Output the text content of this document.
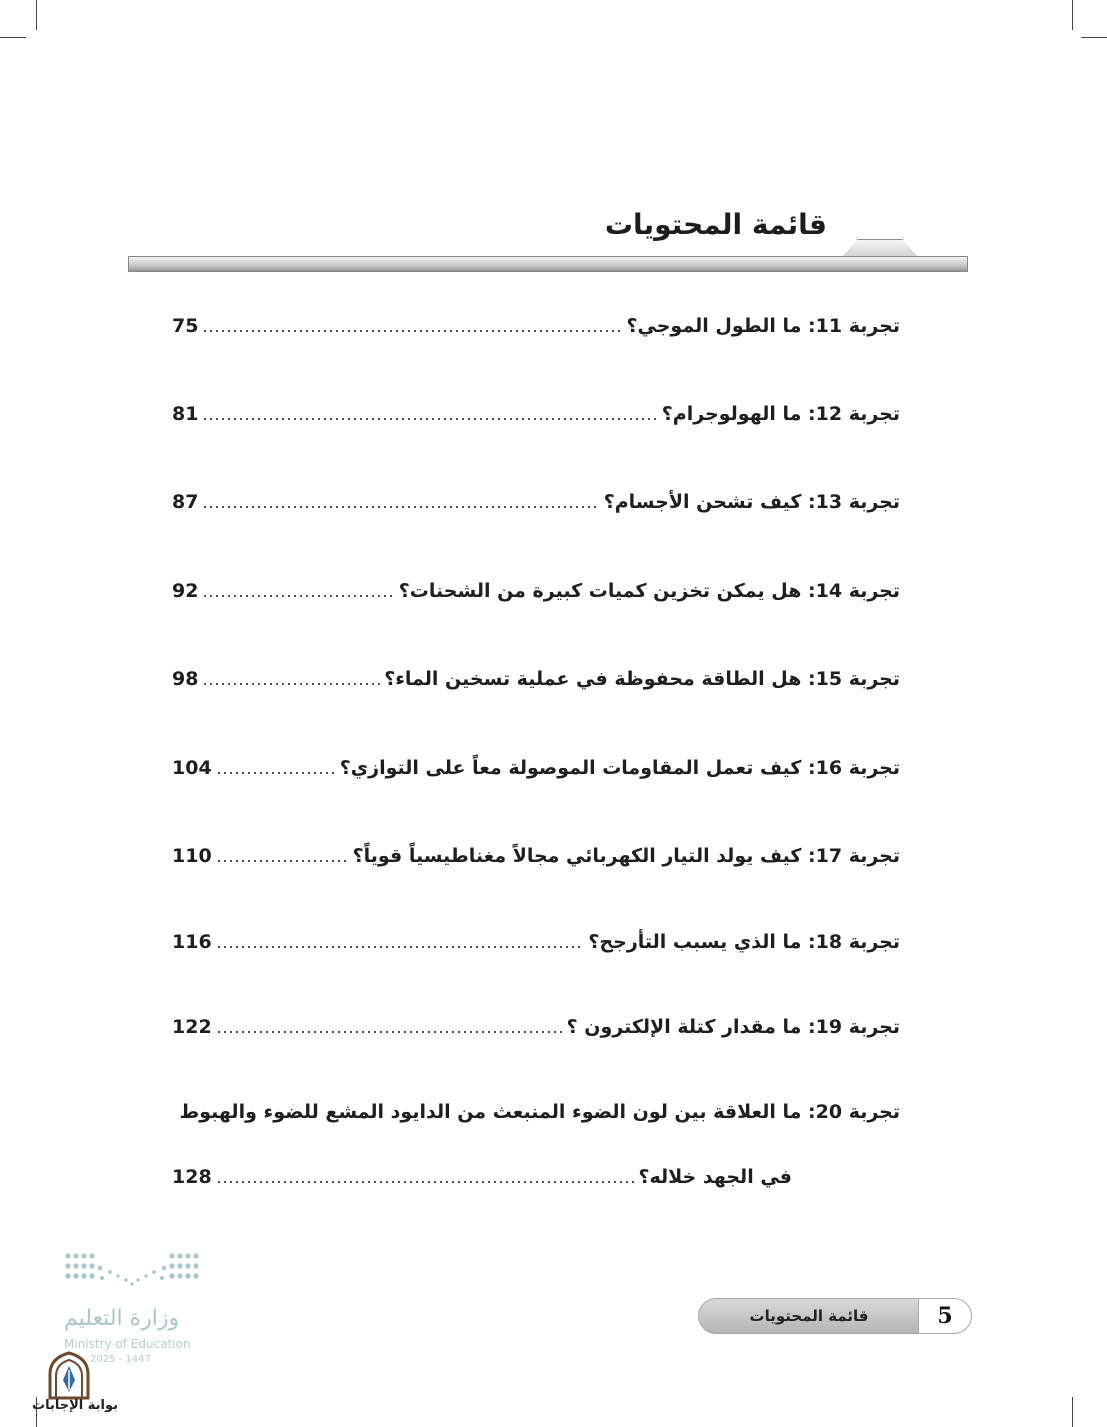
قائمة المحتويات
تجربة 11: ما الطول الموجي؟
75
تجربة 12: ما الهولوجرام؟
81
تجربة 13: كيف تشحن الأجسام؟
87
تجربة 14: هل يمكن تخزين كميات كبيرة من الشحنات؟
92
تجربة 15: هل الطاقة محفوظة في عملية تسخين الماء؟
98
تجربة 16: كيف تعمل المقاومات الموصولة معاً على التوازي؟
104
تجربة 17: كيف يولد التيار الكهربائي مجالاً مغناطيسياً قوياً؟
110
تجربة 18: ما الذي يسبب التأرجح؟
116
تجربة 19: ما مقدار كتلة الإلكترون ؟
122
تجربة 20: ما العلاقة بين لون الضوء المنبعث من الدايود المشع للضوء والهبوط
في الجهد خلاله؟
128
5
قائمة المحتويات
وزارة التعليم
Ministry of Education
2025 - 1447
بوابة الإجابات
